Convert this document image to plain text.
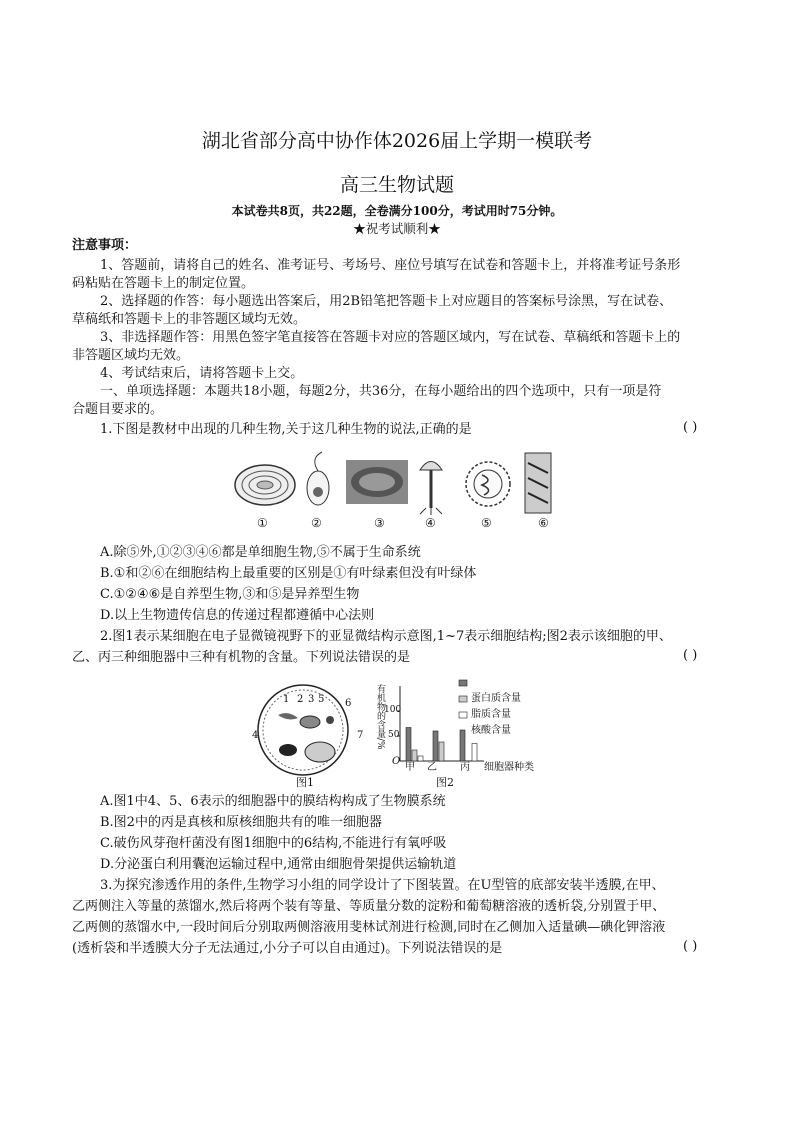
湖北省部分高中协作体2026届上学期一模联考
高三生物试题
本试卷共8页，共22题，全卷满分100分，考试用时75分钟。
★祝考试顺利★
注意事项：
1、答题前，请将自己的姓名、准考证号、考场号、座位号填写在试卷和答题卡上，并将准考证号条形
码粘贴在答题卡上的制定位置。
2、选择题的作答：每小题选出答案后，用2B铅笔把答题卡上对应题目的答案标号涂黑，写在试卷、
草稿纸和答题卡上的非答题区域均无效。
3、非选择题作答：用黑色签字笔直接答在答题卡对应的答题区域内，写在试卷、草稿纸和答题卡上的
非答题区域均无效。
4、考试结束后，请将答题卡上交。
一、单项选择题：本题共18小题，每题2分，共36分，在每小题给出的四个选项中，只有一项是符
合题目要求的。
1.下图是教材中出现的几种生物,关于这几种生物的说法,正确的是	( )
①	②	③	④	⑤	⑥
A.除⑤外,①②③④⑥都是单细胞生物,⑤不属于生命系统
B.①和②⑥在细胞结构上最重要的区别是①有叶绿素但没有叶绿体
C.①②④⑥是自养型生物,③和⑤是异养型生物
D.以上生物遗传信息的传递过程都遵循中心法则
2.图1表示某细胞在电子显微镜视野下的亚显微结构示意图,1~7表示细胞结构;图2表示该细胞的甲、
乙、丙三种细胞器中三种有机物的含量。下列说法错误的是	( )
1 2 3
4
5 6
7
图1
蛋白质含量
脂质含量
核酸含量
100
50
O
甲 乙 丙 细胞器种类
有机物的含量/%
图2
A.图1中4、5、6表示的细胞器中的膜结构构成了生物膜系统
B.图2中的丙是真核和原核细胞共有的唯一细胞器
C.破伤风芽孢杆菌没有图1细胞中的6结构,不能进行有氧呼吸
D.分泌蛋白利用囊泡运输过程中,通常由细胞骨架提供运输轨道
3.为探究渗透作用的条件,生物学习小组的同学设计了下图装置。在U型管的底部安装半透膜,在甲、
乙两侧注入等量的蒸馏水,然后将两个装有等量、等质量分数的淀粉和葡萄糖溶液的透析袋,分别置于甲、
乙两侧的蒸馏水中,一段时间后分别取两侧溶液用斐林试剂进行检测,同时在乙侧加入适量碘—碘化钾溶液
(透析袋和半透膜大分子无法通过,小分子可以自由通过)。下列说法错误的是	( )
